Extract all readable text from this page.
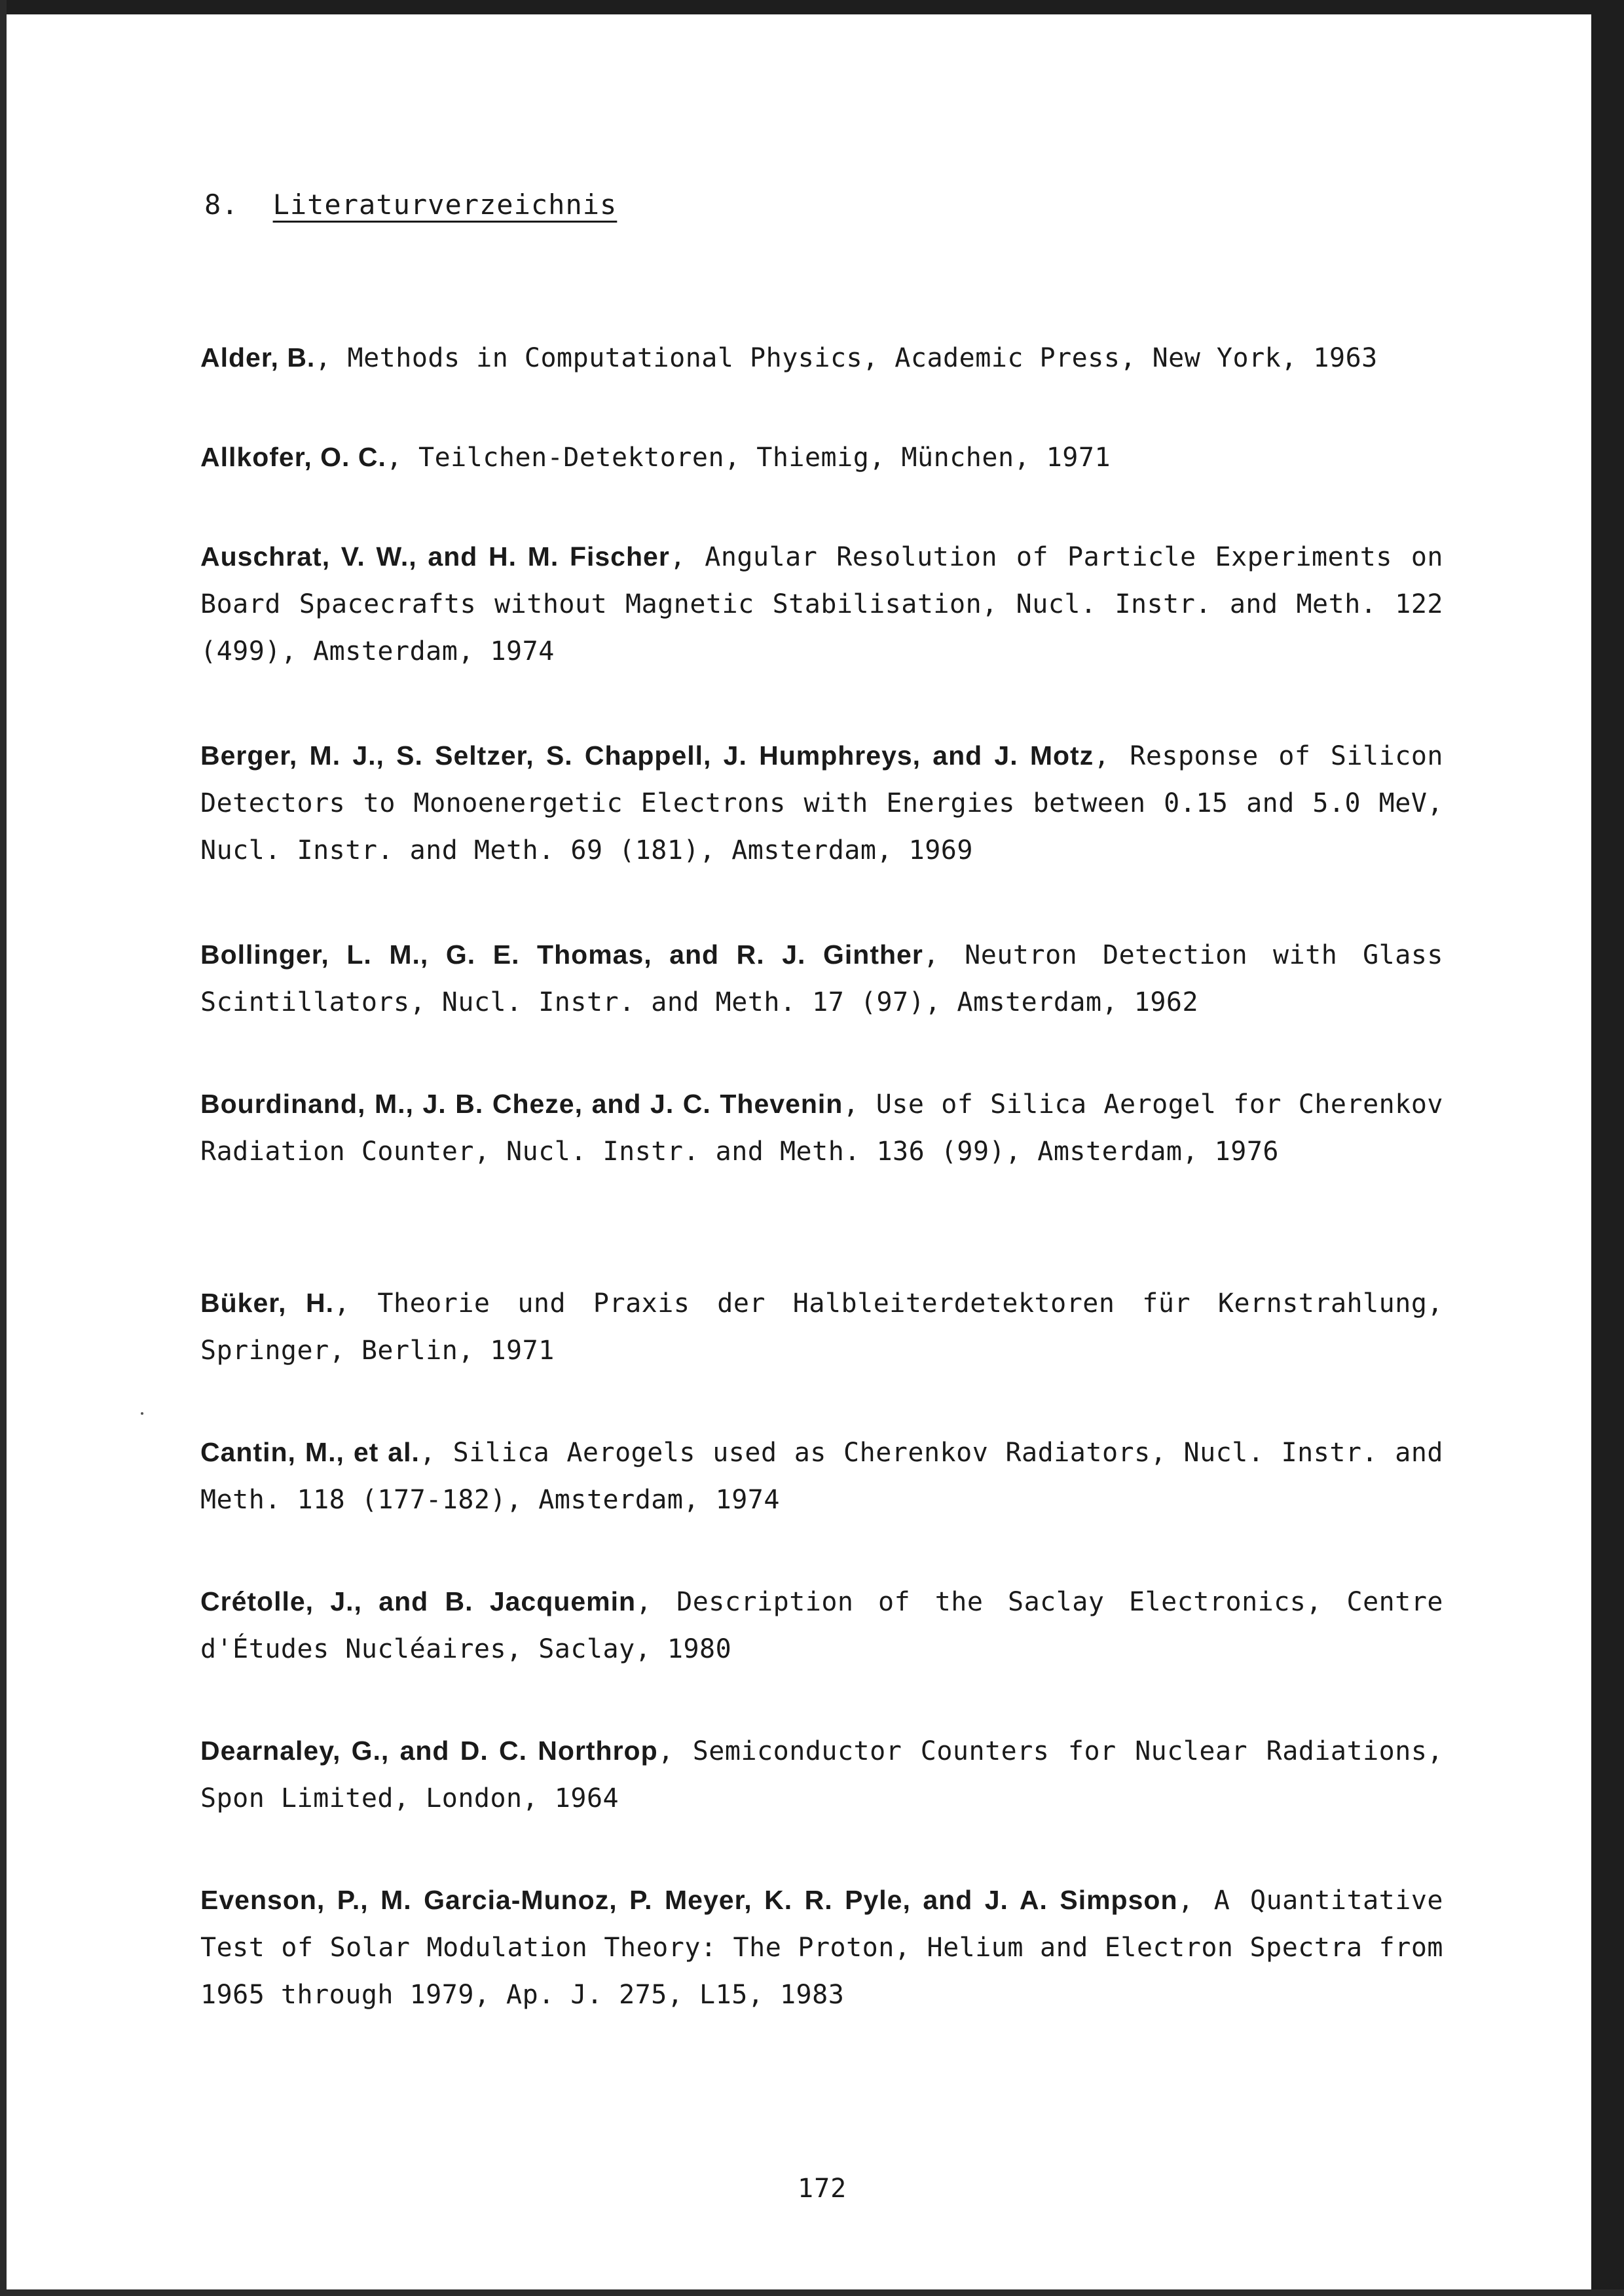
8. Literaturverzeichnis

Alder, B., Methods in Computational Physics, Academic Press, New York, 1963

Allkofer, O. C., Teilchen-Detektoren, Thiemig, München, 1971

Auschrat, V. W., and H. M. Fischer, Angular Resolution of Particle Experiments on Board Spacecrafts without Magnetic Stabilisation, Nucl. Instr. and Meth. 122 (499), Amsterdam, 1974

Berger, M. J., S. Seltzer, S. Chappell, J. Humphreys, and J. Motz, Response of Silicon Detectors to Monoenergetic Electrons with Energies between 0.15 and 5.0 MeV, Nucl. Instr. and Meth. 69 (181), Amsterdam, 1969

Bollinger, L. M., G. E. Thomas, and R. J. Ginther, Neutron Detection with Glass Scintillators, Nucl. Instr. and Meth. 17 (97), Amsterdam, 1962

Bourdinand, M., J. B. Cheze, and J. C. Thevenin, Use of Silica Aerogel for Cherenkov Radiation Counter, Nucl. Instr. and Meth. 136 (99), Amsterdam, 1976

Büker, H., Theorie und Praxis der Halbleiterdetektoren für Kernstrahlung, Springer, Berlin, 1971

Cantin, M., et al., Silica Aerogels used as Cherenkov Radiators, Nucl. Instr. and Meth. 118 (177-182), Amsterdam, 1974

Crétolle, J., and B. Jacquemin, Description of the Saclay Electronics, Centre d'Études Nucléaires, Saclay, 1980

Dearnaley, G., and D. C. Northrop, Semiconductor Counters for Nuclear Radiations, Spon Limited, London, 1964

Evenson, P., M. Garcia-Munoz, P. Meyer, K. R. Pyle, and J. A. Simpson, A Quantitative Test of Solar Modulation Theory: The Proton, Helium and Electron Spectra from 1965 through 1979, Ap. J. 275, L15, 1983

172
